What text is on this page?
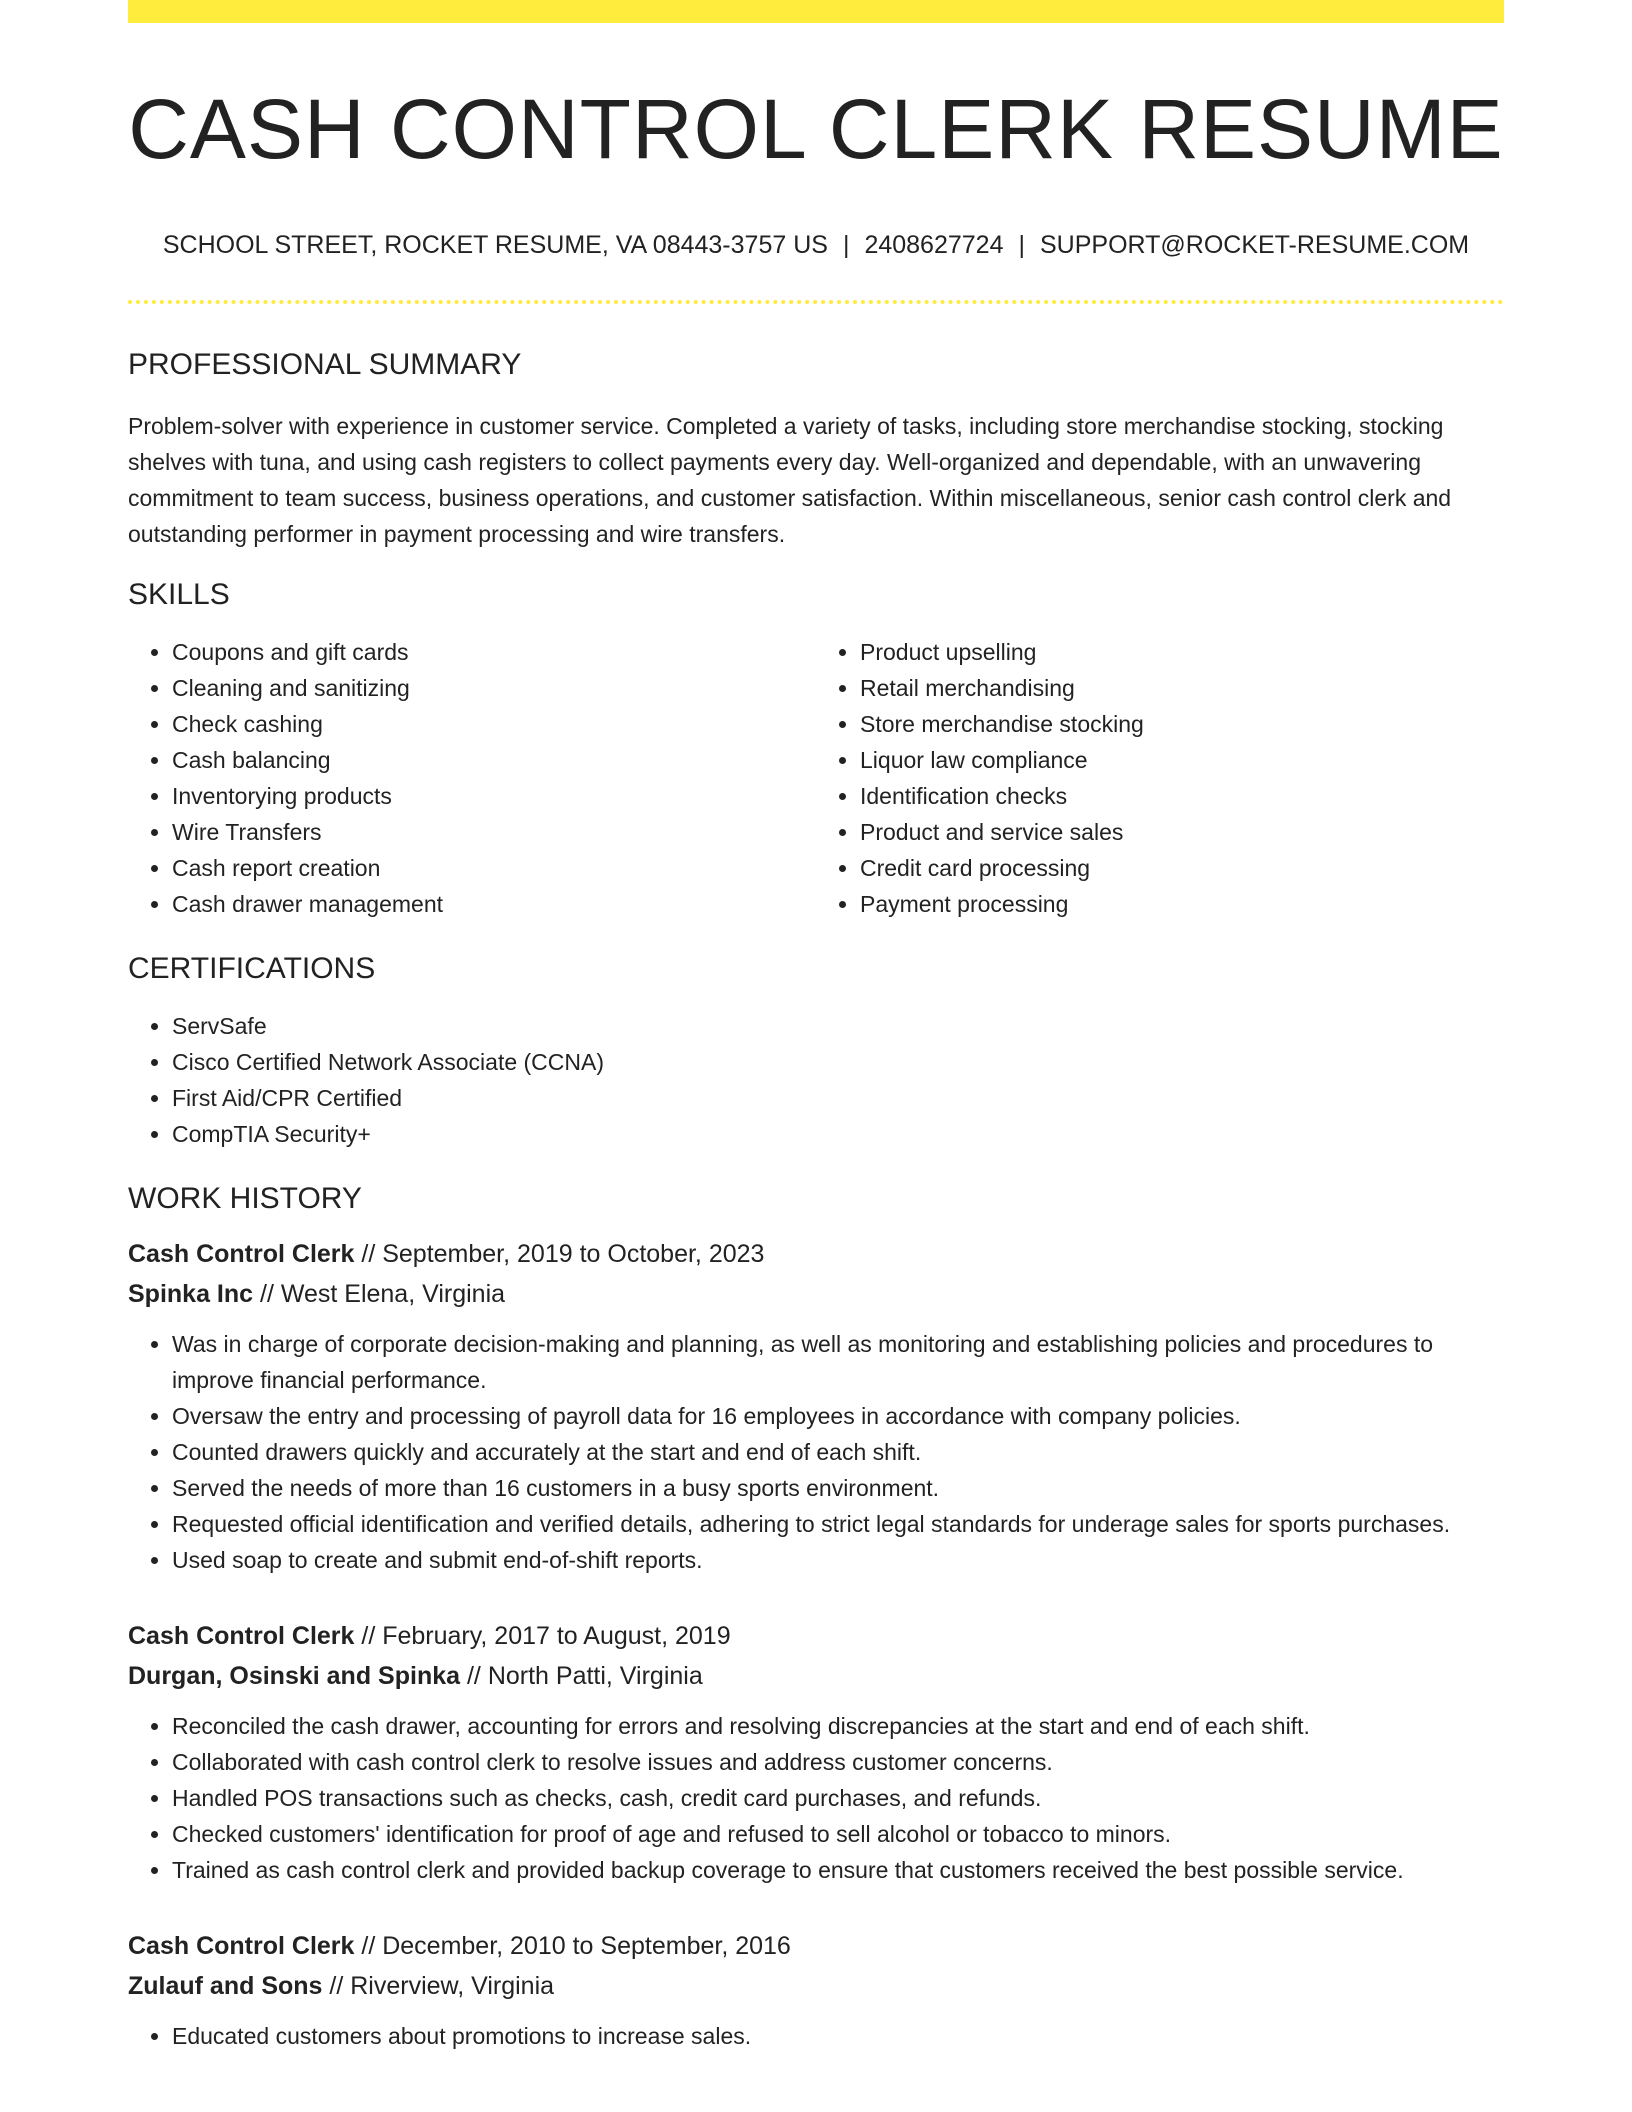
CASH CONTROL CLERK RESUME
SCHOOL STREET, ROCKET RESUME, VA 08443-3757 US | 2408627724 | SUPPORT@ROCKET-RESUME.COM
PROFESSIONAL SUMMARY

Problem-solver with experience in customer service. Completed a variety of tasks, including store merchandise stocking, stocking shelves with tuna, and using cash registers to collect payments every day. Well-organized and dependable, with an unwavering commitment to team success, business operations, and customer satisfaction. Within miscellaneous, senior cash control clerk and outstanding performer in payment processing and wire transfers.

SKILLS
• Coupons and gift cards
• Cleaning and sanitizing
• Check cashing
• Cash balancing
• Inventorying products
• Wire Transfers
• Cash report creation
• Cash drawer management
• Product upselling
• Retail merchandising
• Store merchandise stocking
• Liquor law compliance
• Identification checks
• Product and service sales
• Credit card processing
• Payment processing
CERTIFICATIONS
• ServSafe
• Cisco Certified Network Associate (CCNA)
• First Aid/CPR Certified
• CompTIA Security+
WORK HISTORY
Cash Control Clerk // September, 2019 to October, 2023
Spinka Inc // West Elena, Virginia
• Was in charge of corporate decision-making and planning, as well as monitoring and establishing policies and procedures to improve financial performance.
• Oversaw the entry and processing of payroll data for 16 employees in accordance with company policies.
• Counted drawers quickly and accurately at the start and end of each shift.
• Served the needs of more than 16 customers in a busy sports environment.
• Requested official identification and verified details, adhering to strict legal standards for underage sales for sports purchases.
• Used soap to create and submit end-of-shift reports.
Cash Control Clerk // February, 2017 to August, 2019
Durgan, Osinski and Spinka // North Patti, Virginia
• Reconciled the cash drawer, accounting for errors and resolving discrepancies at the start and end of each shift.
• Collaborated with cash control clerk to resolve issues and address customer concerns.
• Handled POS transactions such as checks, cash, credit card purchases, and refunds.
• Checked customers' identification for proof of age and refused to sell alcohol or tobacco to minors.
• Trained as cash control clerk and provided backup coverage to ensure that customers received the best possible service.
Cash Control Clerk // December, 2010 to September, 2016
Zulauf and Sons // Riverview, Virginia
• Educated customers about promotions to increase sales.
